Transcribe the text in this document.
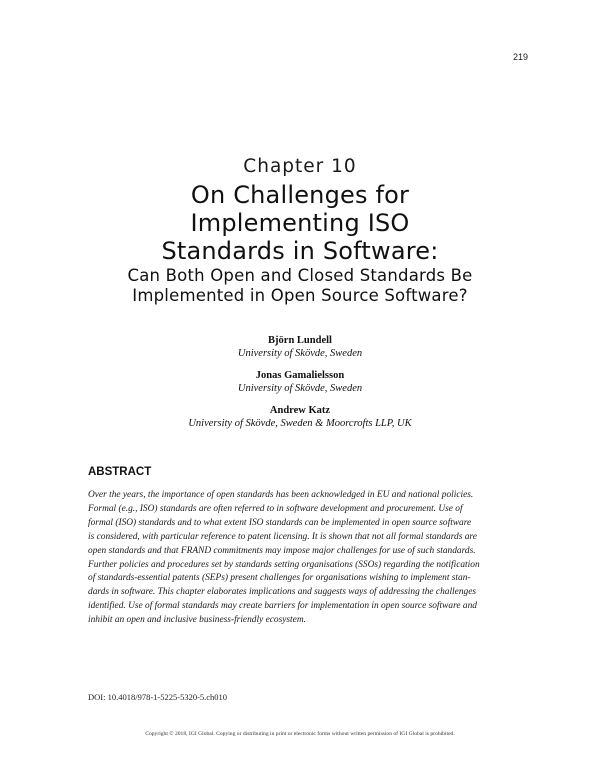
219
Chapter 10
On Challenges for
Implementing ISO
Standards in Software:
Can Both Open and Closed Standards Be
Implemented in Open Source Software?
Björn Lundell
University of Skövde, Sweden
Jonas Gamalielsson
University of Skövde, Sweden
Andrew Katz
University of Skövde, Sweden & Moorcrofts LLP, UK
ABSTRACT

Over the years, the importance of open standards has been acknowledged in EU and national policies.
Formal (e.g., ISO) standards are often referred to in software development and procurement. Use of
formal (ISO) standards and to what extent ISO standards can be implemented in open source software
is considered, with particular reference to patent licensing. It is shown that not all formal standards are
open standards and that FRAND commitments may impose major challenges for use of such standards.
Further policies and procedures set by standards setting organisations (SSOs) regarding the notification
of standards-essential patents (SEPs) present challenges for organisations wishing to implement stan-
dards in software. This chapter elaborates implications and suggests ways of addressing the challenges
identified. Use of formal standards may create barriers for implementation in open source software and
inhibit an open and inclusive business-friendly ecosystem.

DOI: 10.4018/978-1-5225-5320-5.ch010
Copyright © 2018, IGI Global. Copying or distributing in print or electronic forms without written permission of IGI Global is prohibited.
